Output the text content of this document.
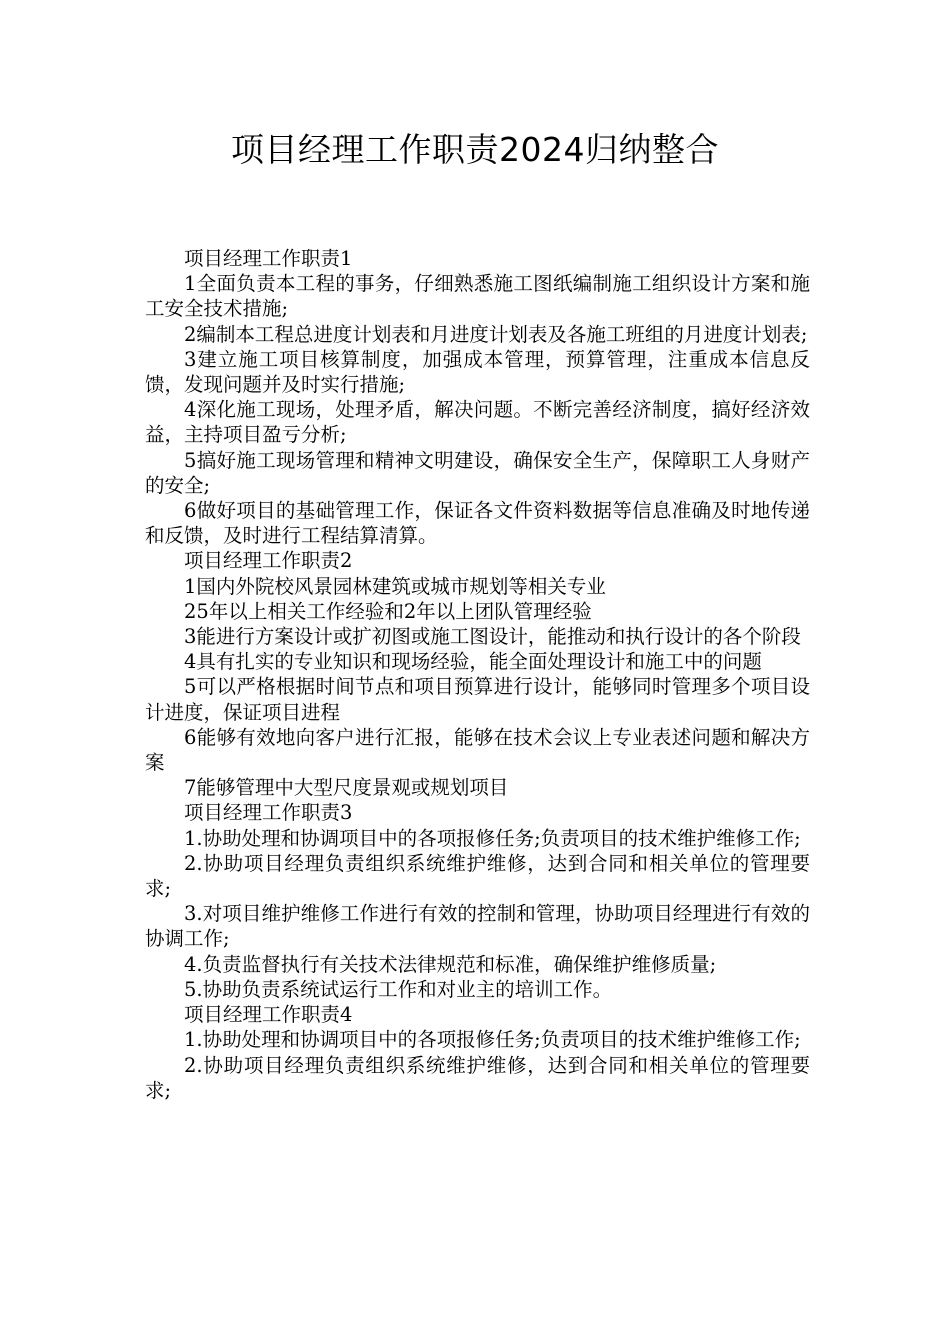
项目经理工作职责2024归纳整合

项目经理工作职责1

1全面负责本工程的事务，仔细熟悉施工图纸编制施工组织设计方案和施工安全技术措施;

2编制本工程总进度计划表和月进度计划表及各施工班组的月进度计划表;

3建立施工项目核算制度，加强成本管理，预算管理，注重成本信息反馈，发现问题并及时实行措施;

4深化施工现场，处理矛盾，解决问题。不断完善经济制度，搞好经济效益，主持项目盈亏分析;

5搞好施工现场管理和精神文明建设，确保安全生产，保障职工人身财产的安全;

6做好项目的基础管理工作，保证各文件资料数据等信息准确及时地传递和反馈，及时进行工程结算清算。

项目经理工作职责2

1国内外院校风景园林建筑或城市规划等相关专业

25年以上相关工作经验和2年以上团队管理经验

3能进行方案设计或扩初图或施工图设计，能推动和执行设计的各个阶段

4具有扎实的专业知识和现场经验，能全面处理设计和施工中的问题

5可以严格根据时间节点和项目预算进行设计，能够同时管理多个项目设计进度，保证项目进程

6能够有效地向客户进行汇报，能够在技术会议上专业表述问题和解决方案

7能够管理中大型尺度景观或规划项目

项目经理工作职责3

1.协助处理和协调项目中的各项报修任务;负责项目的技术维护维修工作;

2.协助项目经理负责组织系统维护维修，达到合同和相关单位的管理要求;

3.对项目维护维修工作进行有效的控制和管理，协助项目经理进行有效的协调工作;

4.负责监督执行有关技术法律规范和标准，确保维护维修质量;

5.协助负责系统试运行工作和对业主的培训工作。

项目经理工作职责4

1.协助处理和协调项目中的各项报修任务;负责项目的技术维护维修工作;

2.协助项目经理负责组织系统维护维修，达到合同和相关单位的管理要求;
